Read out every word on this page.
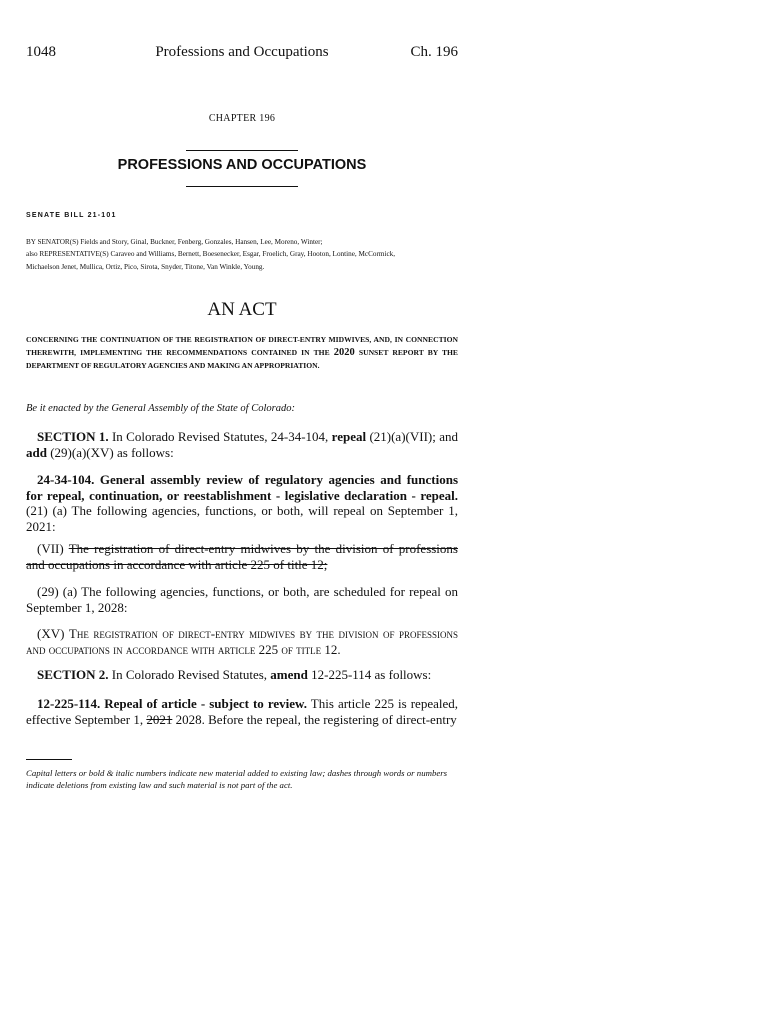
1048	Professions and Occupations	Ch. 196
CHAPTER 196
PROFESSIONS AND OCCUPATIONS
SENATE BILL 21-101
BY SENATOR(S) Fields and Story, Ginal, Buckner, Fenberg, Gonzales, Hansen, Lee, Moreno, Winter;
also REPRESENTATIVE(S) Caraveo and Williams, Bernett, Boesenecker, Esgar, Froelich, Gray, Hooton, Lontine, McCormick,
Michaelson Jenet, Mullica, Ortiz, Pico, Sirota, Snyder, Titone, Van Winkle, Young.
AN ACT
CONCERNING THE CONTINUATION OF THE REGISTRATION OF DIRECT-ENTRY MIDWIVES, AND, IN CONNECTION THEREWITH, IMPLEMENTING THE RECOMMENDATIONS CONTAINED IN THE 2020 SUNSET REPORT BY THE DEPARTMENT OF REGULATORY AGENCIES AND MAKING AN APPROPRIATION.
Be it enacted by the General Assembly of the State of Colorado:
SECTION 1. In Colorado Revised Statutes, 24-34-104, repeal (21)(a)(VII); and add (29)(a)(XV) as follows:
24-34-104. General assembly review of regulatory agencies and functions for repeal, continuation, or reestablishment - legislative declaration - repeal. (21) (a) The following agencies, functions, or both, will repeal on September 1, 2021:
(VII) The registration of direct-entry midwives by the division of professions and occupations in accordance with article 225 of title 12;
(29) (a) The following agencies, functions, or both, are scheduled for repeal on September 1, 2028:
(XV) The registration of direct-entry midwives by the division of professions and occupations in accordance with article 225 of title 12.
SECTION 2. In Colorado Revised Statutes, amend 12-225-114 as follows:
12-225-114. Repeal of article - subject to review. This article 225 is repealed, effective September 1, 2021 2028. Before the repeal, the registering of direct-entry
Capital letters or bold & italic numbers indicate new material added to existing law; dashes through words or numbers indicate deletions from existing law and such material is not part of the act.
